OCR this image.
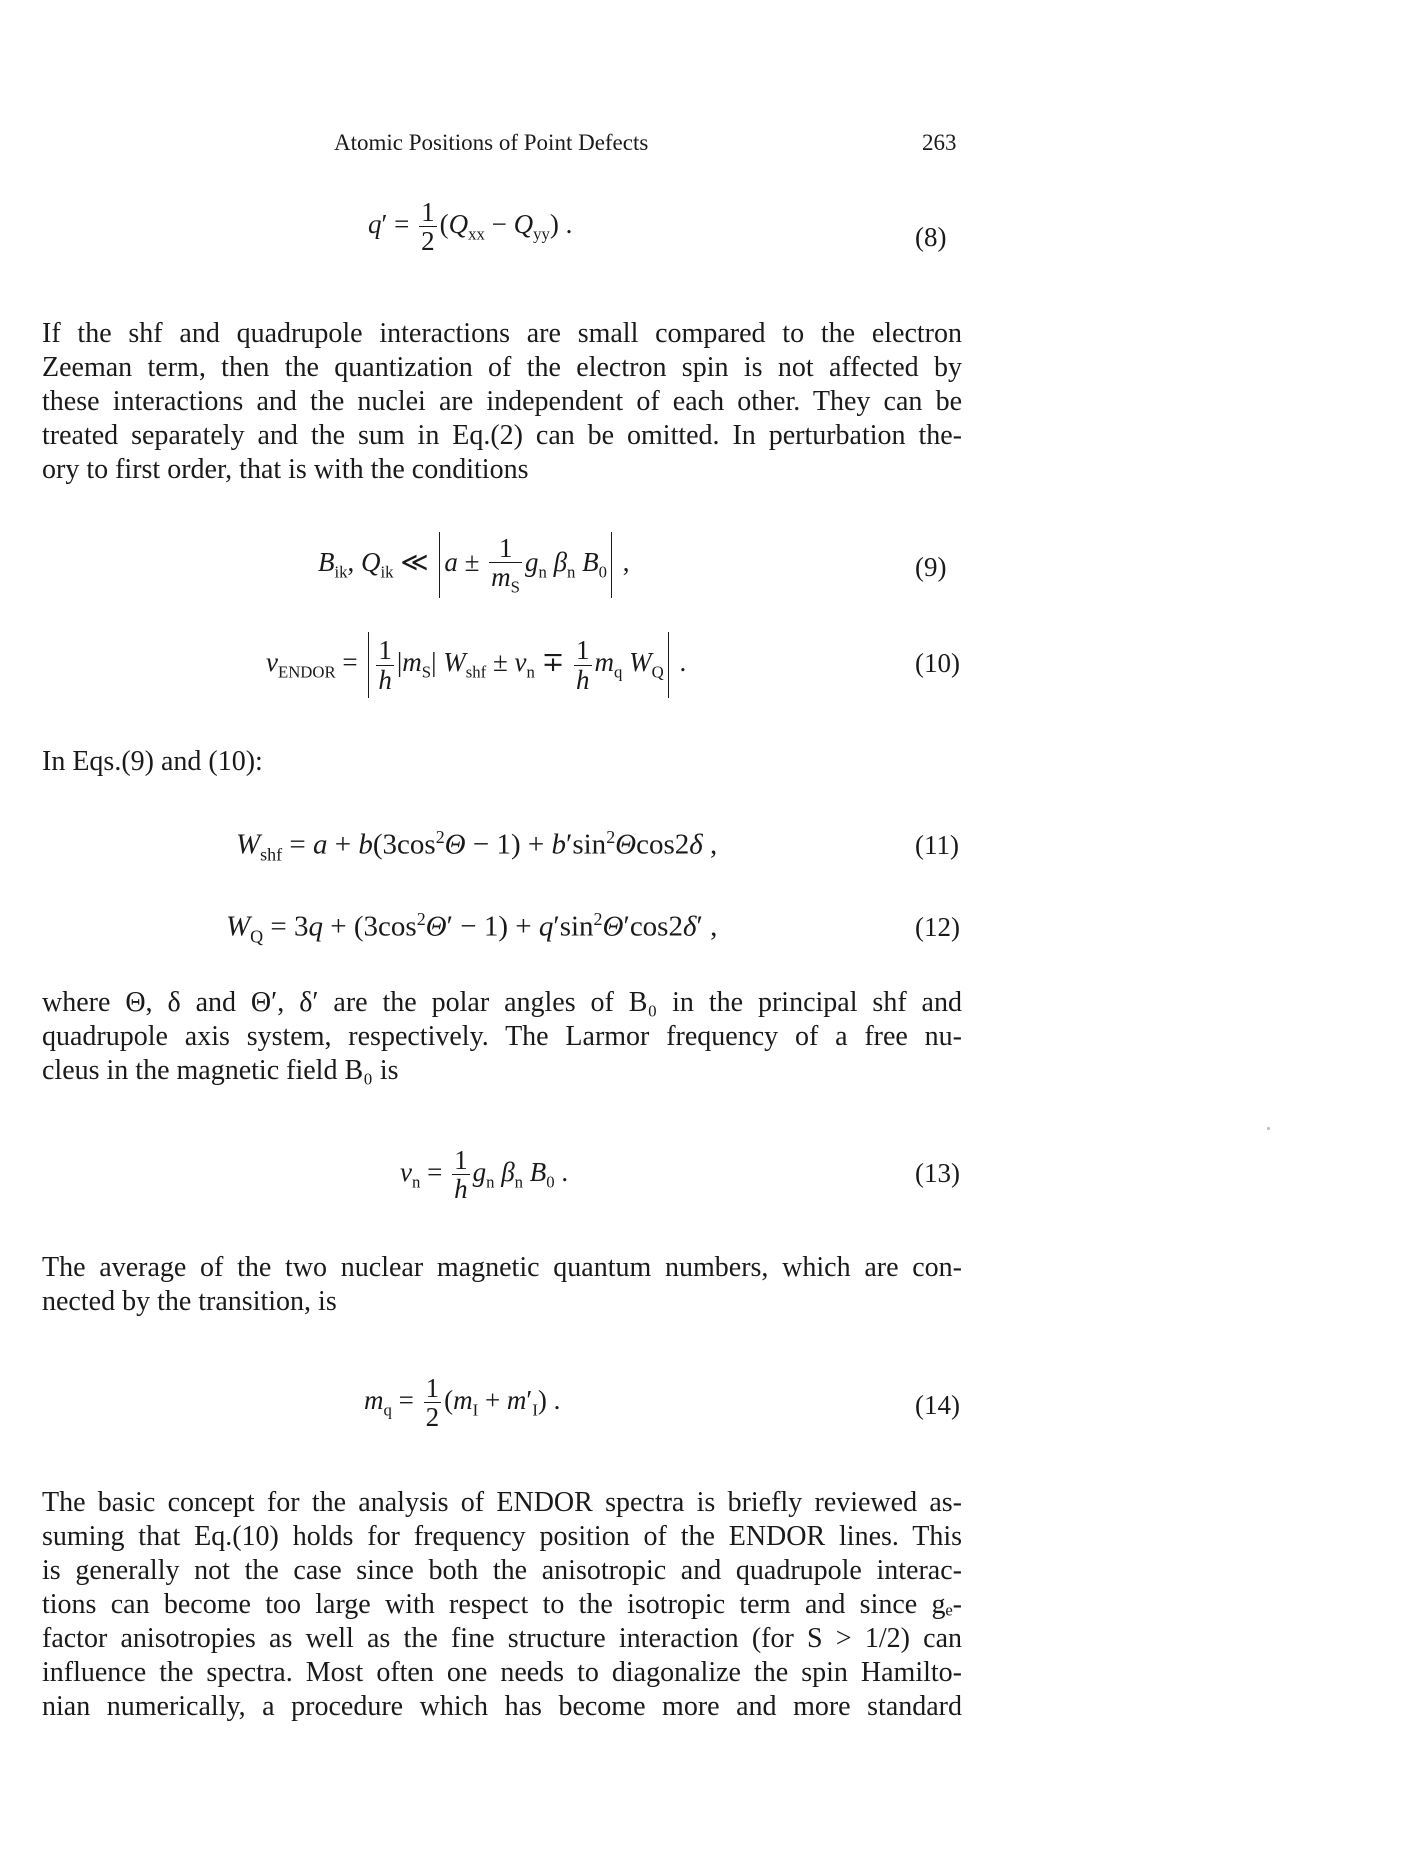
Atomic Positions of Point Defects	263
$q' = \frac{1}{2} (Q_{xx} - Q_{yy})$ .	(8)
If the shf and quadrupole interactions are small compared to the electron
Zeeman term, then the quantization of the electron spin is not affected by
these interactions and the nuclei are independent of each other. They can be
treated separately and the sum in Eq.(2) can be omitted. In perturbation the-
ory to first order, that is with the conditions
$B_{ik}$, $Q_{ik}$ ≪ $a \pm \frac{1}{m_S} g_n$ $\beta_n$ $B_0$ ,	(9)
$\nu_{ENDOR} = \frac{1}{h} |m_S|$ $W_{shf} \pm \nu_n \mp \frac{1}{h} m_q$ $W_Q$ .	(10)
In Eqs.(9) and (10):
$W_{shf} = a + b(3\cos^2\Theta - 1) + b'\sin^2\Theta\cos 2\delta$ ,	(11)
$W_Q = 3q + (3\cos^2\Theta' - 1) + q'\sin^2\Theta'\cos 2\delta'$ ,	(12)
where Θ, δ and Θ′, δ′ are the polar angles of B₀ in the principal shf and
quadrupole axis system, respectively. The Larmor frequency of a free nu-
cleus in the magnetic field B₀ is
$\nu_n = \frac{1}{h} g_n$ $\beta_n$ $B_0$ .	(13)
The average of the two nuclear magnetic quantum numbers, which are con-
nected by the transition, is
$m_q = \frac{1}{2} (m_I + m'_I)$ .	(14)
The basic concept for the analysis of ENDOR spectra is briefly reviewed as-
suming that Eq.(10) holds for frequency position of the ENDOR lines. This
is generally not the case since both the anisotropic and quadrupole interac-
tions can become too large with respect to the isotropic term and since gₑ-
factor anisotropies as well as the fine structure interaction (for S > 1/2) can
influence the spectra. Most often one needs to diagonalize the spin Hamilto-
nian numerically, a procedure which has become more and more standard
